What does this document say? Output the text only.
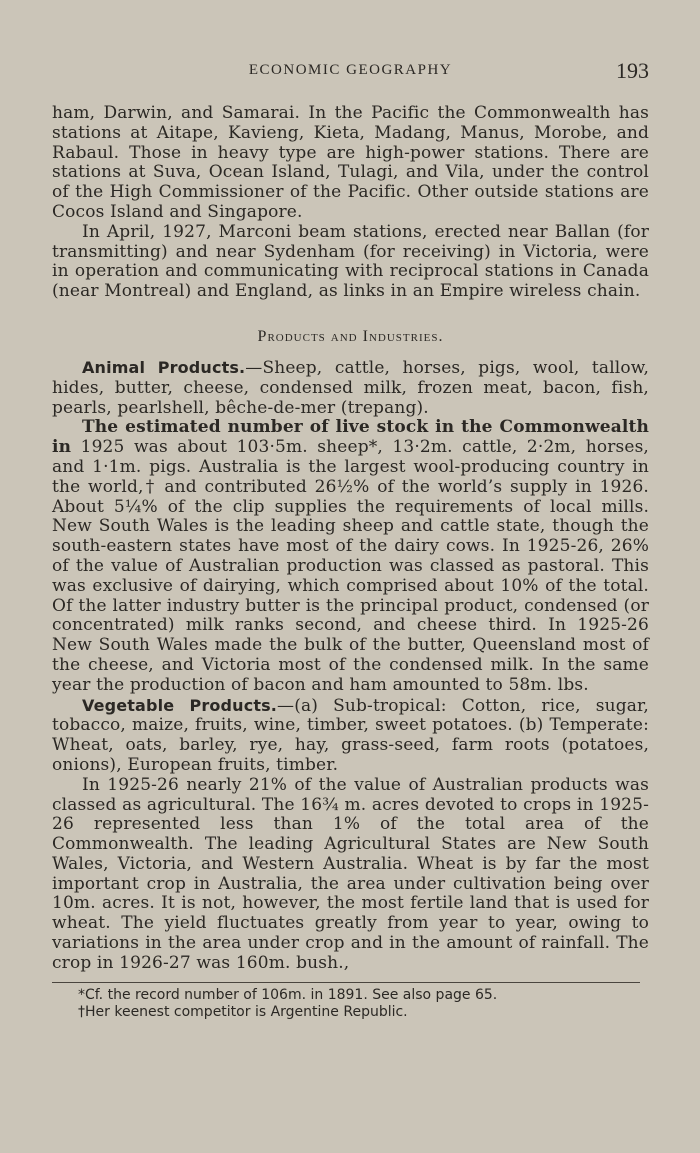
ECONOMIC GEOGRAPHY	193

ham, Darwin, and Samarai. In the Pacific the Commonwealth has stations at Aitape, Kavieng, Kieta, Madang, Manus, Morobe, and Rabaul. Those in heavy type are high-power stations. There are stations at Suva, Ocean Island, Tulagi, and Vila, under the control of the High Commissioner of the Pacific. Other outside stations are Cocos Island and Singapore.

In April, 1927, Marconi beam stations, erected near Ballan (for transmitting) and near Sydenham (for receiving) in Victoria, were in operation and communicating with reciprocal stations in Canada (near Montreal) and England, as links in an Empire wireless chain.

Products and Industries.

Animal Products.—Sheep, cattle, horses, pigs, wool, tallow, hides, butter, cheese, condensed milk, frozen meat, bacon, fish, pearls, pearlshell, bêche-de-mer (trepang).

The estimated number of live stock in the Commonwealth in 1925 was about 103·5m. sheep*, 13·2m. cattle, 2·2m, horses, and 1·1m. pigs. Australia is the largest wool-producing country in the world,† and contributed 26½% of the world’s supply in 1926. About 5¼% of the clip supplies the requirements of local mills. New South Wales is the leading sheep and cattle state, though the south-eastern states have most of the dairy cows. In 1925-26, 26% of the value of Australian production was classed as pastoral. This was exclusive of dairying, which comprised about 10% of the total. Of the latter industry butter is the principal product, condensed (or concentrated) milk ranks second, and cheese third. In 1925-26 New South Wales made the bulk of the butter, Queensland most of the cheese, and Victoria most of the condensed milk. In the same year the production of bacon and ham amounted to 58m. lbs.

Vegetable Products.—(a) Sub-tropical: Cotton, rice, sugar, tobacco, maize, fruits, wine, timber, sweet potatoes. (b) Temperate: Wheat, oats, barley, rye, hay, grass-seed, farm roots (potatoes, onions), European fruits, timber.

In 1925-26 nearly 21% of the value of Australian products was classed as agricultural. The 16¾ m. acres devoted to crops in 1925-26 represented less than 1% of the total area of the Commonwealth. The leading Agricultural States are New South Wales, Victoria, and Western Australia. Wheat is by far the most important crop in Australia, the area under cultivation being over 10m. acres. It is not, however, the most fertile land that is used for wheat. The yield fluctuates greatly from year to year, owing to variations in the area under crop and in the amount of rainfall. The crop in 1926-27 was 160m. bush.,

*Cf. the record number of 106m. in 1891. See also page 65.
†Her keenest competitor is Argentine Republic.
